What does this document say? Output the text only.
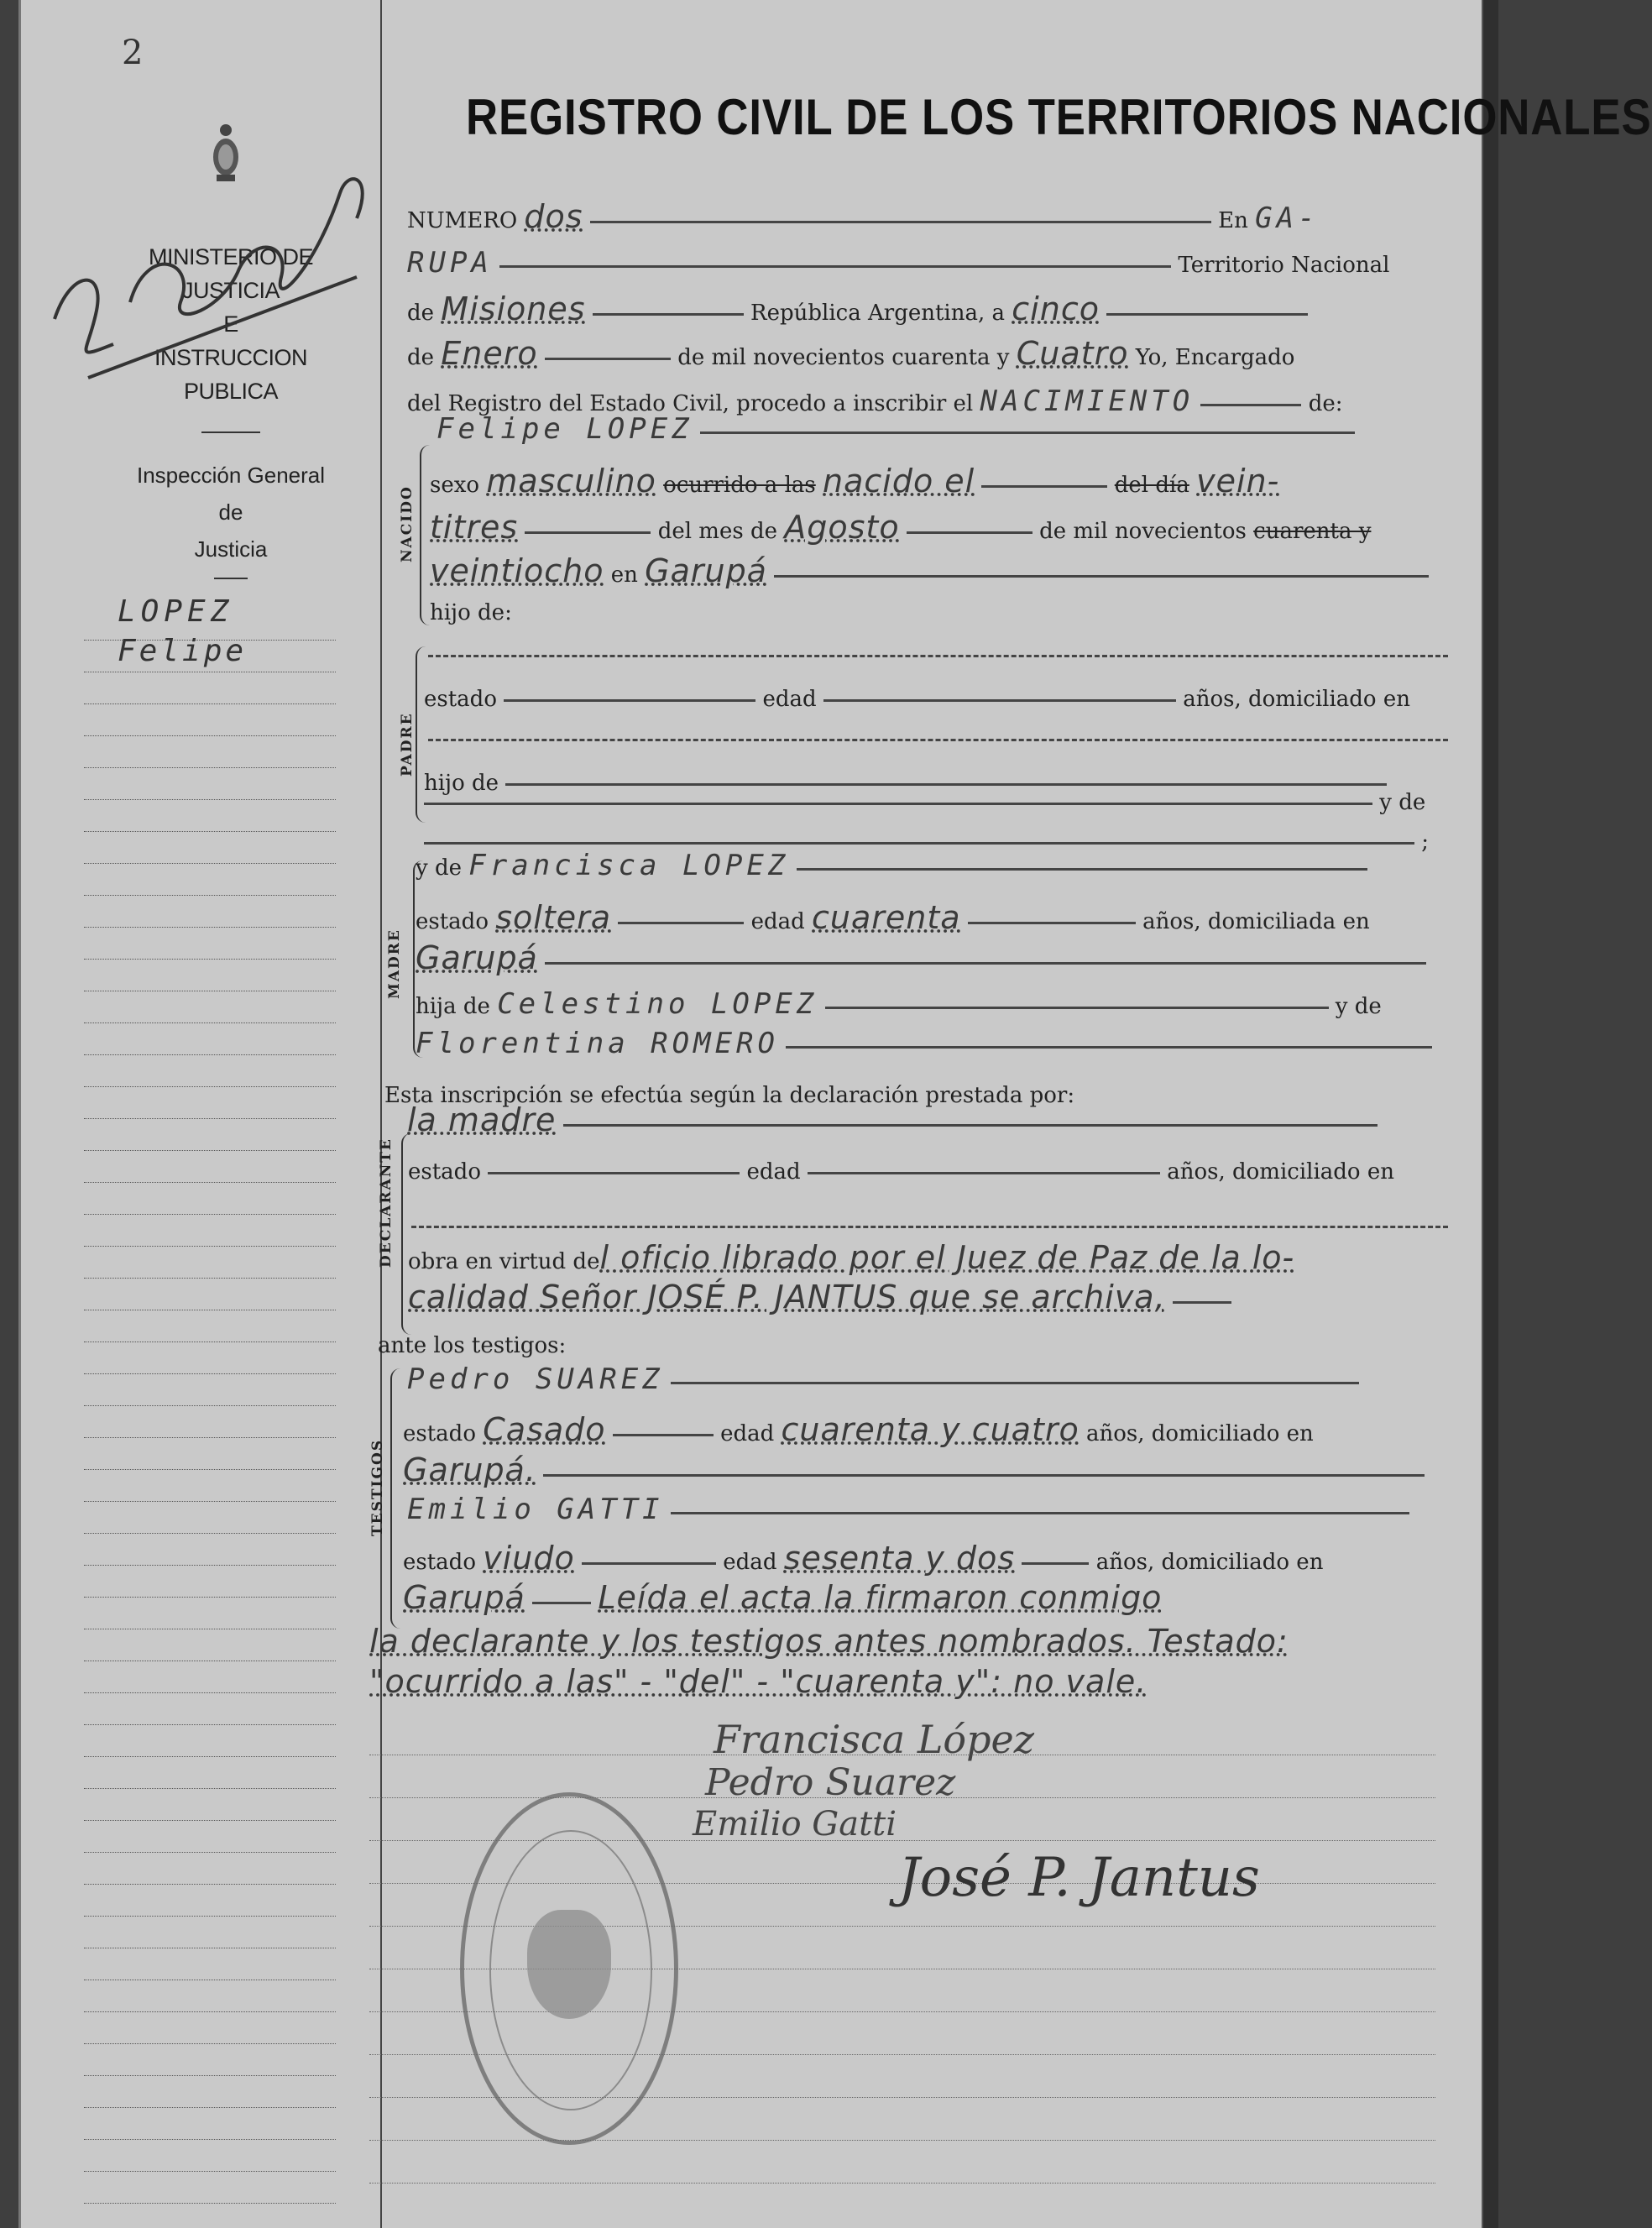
2
MINISTERIO DE JUSTICIA
E
INSTRUCCION PUBLICA
Inspección General
de
Justicia
LOPEZ
Felipe
REGISTRO CIVIL DE LOS TERRITORIOS NACIONALES
NUMERO dos	En GA-
RUPA	Territorio Nacional
de Misiones	República Argentina, a cinco
de Enero	de mil novecientos cuarenta y Cuatro Yo, Encargado
del Registro del Estado Civil, procedo a inscribir el NACIMIENTO	de:
Felipe LOPEZ
NACIDO
sexo masculino ocurrido a las nacido el	del día vein-
titres	del mes de Agosto	de mil novecientos cuarenta y
veintiocho en Garupá
hijo de:
PADRE
estado	edad	años, domiciliado en
hijo de
y de
;
MADRE
y de Francisca LOPEZ
estado soltera	edad cuarenta	años, domiciliada en
Garupá
hija de Celestino LOPEZ	y de
Florentina ROMERO
Esta inscripción se efectúa según la declaración prestada por:
la madre
DECLARANTE estado	edad	años, domiciliado en
obra en virtud del oficio librado por el Juez de Paz de la lo-
calidad Señor JOSÉ P. JANTUS que se archiva,
ante los testigos:
TESTIGOS
Pedro SUAREZ
estado Casado	edad cuarenta y cuatro años, domiciliado en
Garupá.
Emilio GATTI
estado viudo	edad sesenta y dos	años, domiciliado en
Garupá Leída el acta la firmaron conmigo
la declarante y los testigos antes nombrados. Testado:
"ocurrido a las" - "del" - "cuarenta y": no vale.
Francisca López
Pedro Suarez
Emilio Gatti
José P. Jantus
